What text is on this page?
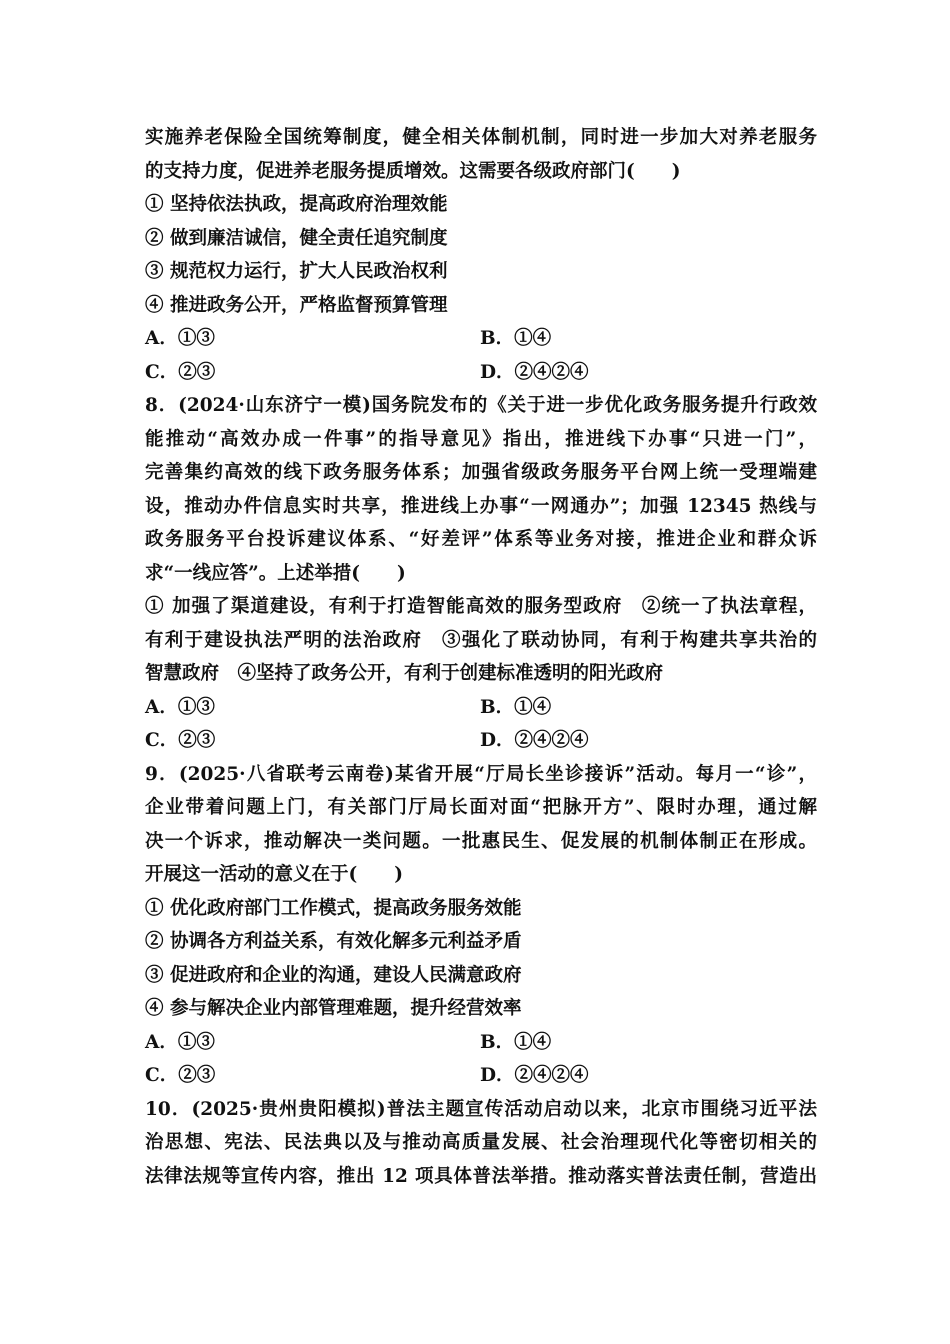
实施养老保险全国统筹制度，健全相关体制机制，同时进一步加大对养老服务
的支持力度，促进养老服务提质增效。这需要各级政府部门(　　)
① 坚持依法执政，提高政府治理效能
② 做到廉洁诚信，健全责任追究制度
③ 规范权力运行，扩大人民政治权利
④ 推进政务公开，严格监督预算管理
A．①③	B．①④
C．②③	D．②④②④
8．(2024·山东济宁一模)国务院发布的《关于进一步优化政务服务提升行政效
能推动“高效办成一件事”的指导意见》指出，推进线下办事“只进一门”，
完善集约高效的线下政务服务体系；加强省级政务服务平台网上统一受理端建
设，推动办件信息实时共享，推进线上办事“一网通办”；加强 12345 热线与
政务服务平台投诉建议体系、“好差评”体系等业务对接，推进企业和群众诉
求“一线应答”。上述举措(　　)
① 加强了渠道建设，有利于打造智能高效的服务型政府　②统一了执法章程，
有利于建设执法严明的法治政府　③强化了联动协同，有利于构建共享共治的
智慧政府　④坚持了政务公开，有利于创建标准透明的阳光政府
A．①③	B．①④
C．②③	D．②④②④
9．(2025·八省联考云南卷)某省开展“厅局长坐诊接诉”活动。每月一“诊”，
企业带着问题上门，有关部门厅局长面对面“把脉开方”、限时办理，通过解
决一个诉求，推动解决一类问题。一批惠民生、促发展的机制体制正在形成。
开展这一活动的意义在于(　　)
① 优化政府部门工作模式，提高政务服务效能
② 协调各方利益关系，有效化解多元利益矛盾
③ 促进政府和企业的沟通，建设人民满意政府
④ 参与解决企业内部管理难题，提升经营效率
A．①③	B．①④
C．②③	D．②④②④
10．(2025·贵州贵阳模拟)普法主题宣传活动启动以来，北京市围绕习近平法
治思想、宪法、民法典以及与推动高质量发展、社会治理现代化等密切相关的
法律法规等宣传内容，推出 12 项具体普法举措。推动落实普法责任制，营造出
